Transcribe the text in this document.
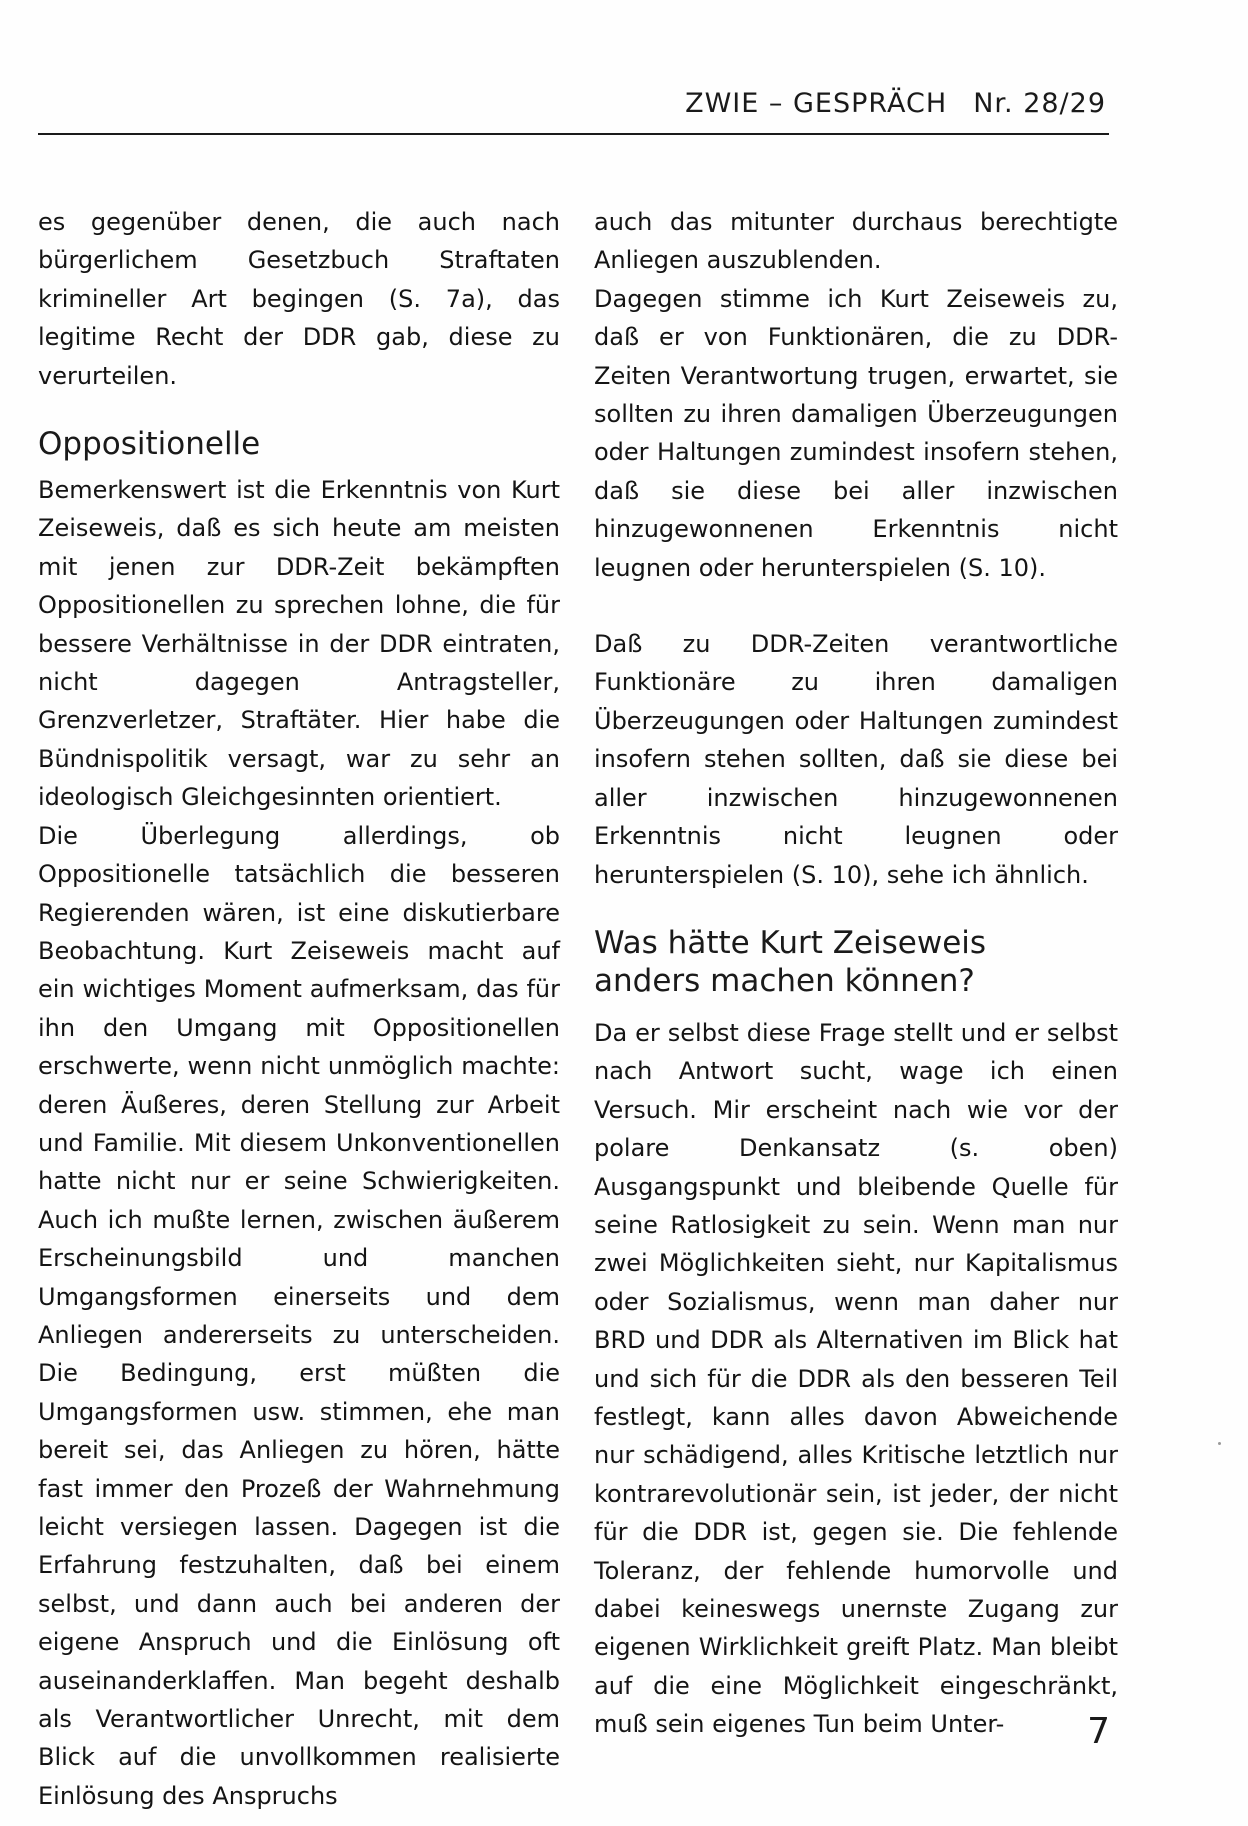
ZWIE – GESPRÄCH Nr. 28/29

es gegenüber denen, die auch nach bürgerlichem Gesetzbuch Straftaten krimineller Art begingen (S. 7a), das legitime Recht der DDR gab, diese zu verurteilen.

Oppositionelle

Bemerkenswert ist die Erkenntnis von Kurt Zeiseweis, daß es sich heute am meisten mit jenen zur DDR-Zeit bekämpften Oppositionellen zu sprechen lohne, die für bessere Verhältnisse in der DDR eintraten, nicht dagegen Antragsteller, Grenzverletzer, Straftäter. Hier habe die Bündnispolitik versagt, war zu sehr an ideologisch Gleichgesinnten orientiert.

Die Überlegung allerdings, ob Oppositionelle tatsächlich die besseren Regierenden wären, ist eine diskutierbare Beobachtung. Kurt Zeiseweis macht auf ein wichtiges Moment aufmerksam, das für ihn den Umgang mit Oppositionellen erschwerte, wenn nicht unmöglich machte: deren Äußeres, deren Stellung zur Arbeit und Familie. Mit diesem Unkonventionellen hatte nicht nur er seine Schwierigkeiten. Auch ich mußte lernen, zwischen äußerem Erscheinungsbild und manchen Umgangsformen einerseits und dem Anliegen andererseits zu unterscheiden. Die Bedingung, erst müßten die Umgangsformen usw. stimmen, ehe man bereit sei, das Anliegen zu hören, hätte fast immer den Prozeß der Wahrnehmung leicht versiegen lassen. Dagegen ist die Erfahrung festzuhalten, daß bei einem selbst, und dann auch bei anderen der eigene Anspruch und die Einlösung oft auseinanderklaffen. Man begeht deshalb als Verantwortlicher Unrecht, mit dem Blick auf die unvollkommen realisierte Einlösung des Anspruchs

auch das mitunter durchaus berechtigte Anliegen auszublenden.

Dagegen stimme ich Kurt Zeiseweis zu, daß er von Funktionären, die zu DDR-Zeiten Verantwortung trugen, erwartet, sie sollten zu ihren damaligen Überzeugungen oder Haltungen zumindest insofern stehen, daß sie diese bei aller inzwischen hinzugewonnenen Erkenntnis nicht leugnen oder herunterspielen (S. 10).

Daß zu DDR-Zeiten verantwortliche Funktionäre zu ihren damaligen Überzeugungen oder Haltungen zumindest insofern stehen sollten, daß sie diese bei aller inzwischen hinzugewonnenen Erkenntnis nicht leugnen oder herunterspielen (S. 10), sehe ich ähnlich.

Was hätte Kurt Zeiseweis
anders machen können?

Da er selbst diese Frage stellt und er selbst nach Antwort sucht, wage ich einen Versuch. Mir erscheint nach wie vor der polare Denkansatz (s. oben) Ausgangspunkt und bleibende Quelle für seine Ratlosigkeit zu sein. Wenn man nur zwei Möglichkeiten sieht, nur Kapitalismus oder Sozialismus, wenn man daher nur BRD und DDR als Alternativen im Blick hat und sich für die DDR als den besseren Teil festlegt, kann alles davon Abweichende nur schädigend, alles Kritische letztlich nur kontrarevolutionär sein, ist jeder, der nicht für die DDR ist, gegen sie. Die fehlende Toleranz, der fehlende humorvolle und dabei keineswegs unernste Zugang zur eigenen Wirklichkeit greift Platz. Man bleibt auf die eine Möglichkeit eingeschränkt, muß sein eigenes Tun beim Unter-	7
